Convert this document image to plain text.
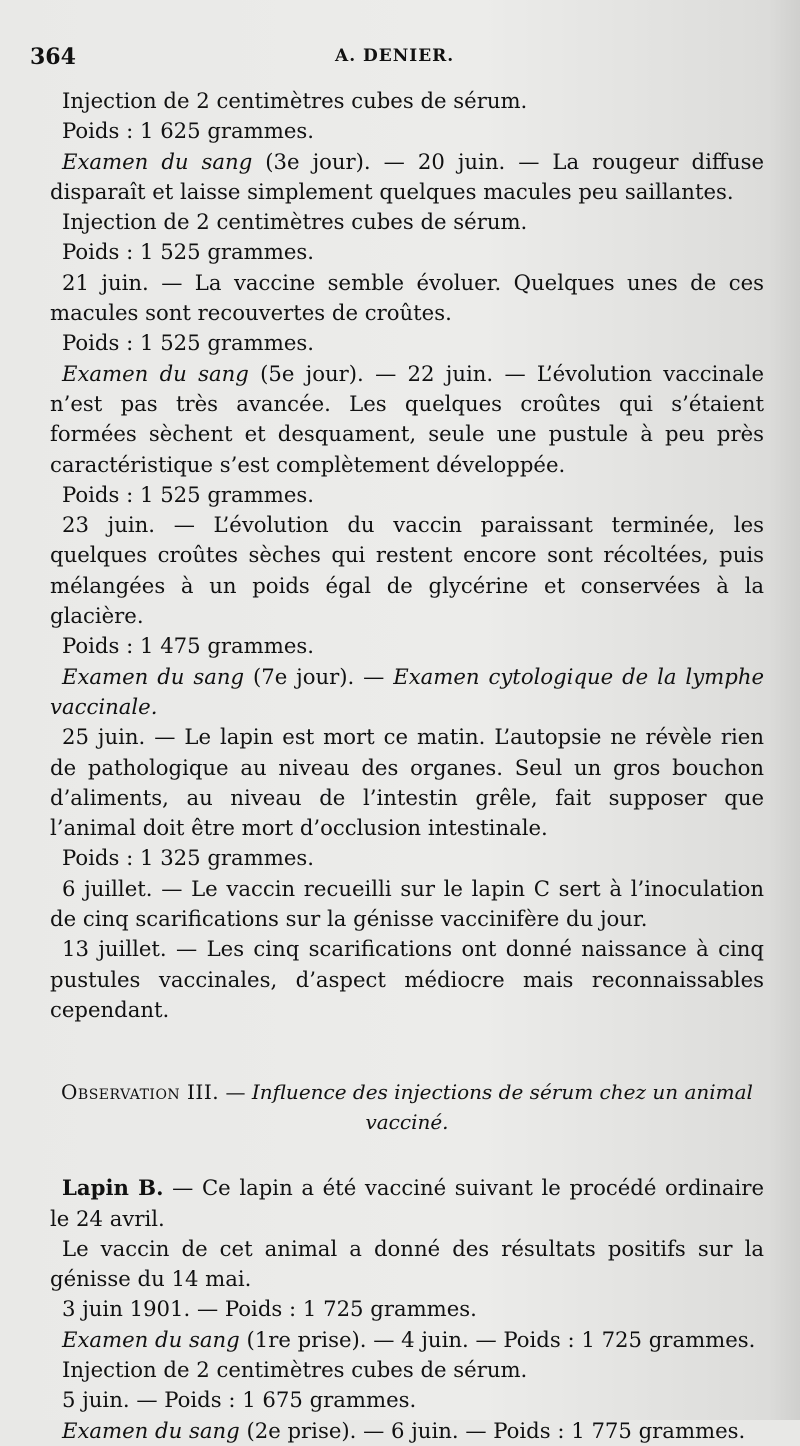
364	A. DENIER.

Injection de 2 centimètres cubes de sérum.

Poids : 1 625 grammes.

Examen du sang (3e jour). — 20 juin. — La rougeur diffuse disparaît et laisse simplement quelques macules peu saillantes.

Injection de 2 centimètres cubes de sérum.

Poids : 1 525 grammes.

21 juin. — La vaccine semble évoluer. Quelques unes de ces macules sont recouvertes de croûtes.

Poids : 1 525 grammes.

Examen du sang (5e jour). — 22 juin. — L’évolution vaccinale n’est pas très avancée. Les quelques croûtes qui s’étaient formées sèchent et desquament, seule une pustule à peu près caractéristique s’est complètement développée.

Poids : 1 525 grammes.

23 juin. — L’évolution du vaccin paraissant terminée, les quelques croûtes sèches qui restent encore sont récoltées, puis mélangées à un poids égal de glycérine et conservées à la glacière.

Poids : 1 475 grammes.

Examen du sang (7e jour). — Examen cytologique de la lymphe vaccinale.

25 juin. — Le lapin est mort ce matin. L’autopsie ne révèle rien de pathologique au niveau des organes. Seul un gros bouchon d’aliments, au niveau de l’intestin grêle, fait supposer que l’animal doit être mort d’occlusion intestinale.

Poids : 1 325 grammes.

6 juillet. — Le vaccin recueilli sur le lapin C sert à l’inoculation de cinq scarifications sur la génisse vaccinifère du jour.

13 juillet. — Les cinq scarifications ont donné naissance à cinq pustules vaccinales, d’aspect médiocre mais reconnaissables cependant.

Observation III. — Influence des injections de sérum chez un animal vacciné.

Lapin B. — Ce lapin a été vacciné suivant le procédé ordinaire le 24 avril.

Le vaccin de cet animal a donné des résultats positifs sur la génisse du 14 mai.

3 juin 1901. — Poids : 1 725 grammes.

Examen du sang (1re prise). — 4 juin. — Poids : 1 725 grammes.

Injection de 2 centimètres cubes de sérum.

5 juin. — Poids : 1 675 grammes.

Examen du sang (2e prise). — 6 juin. — Poids : 1 775 grammes.
